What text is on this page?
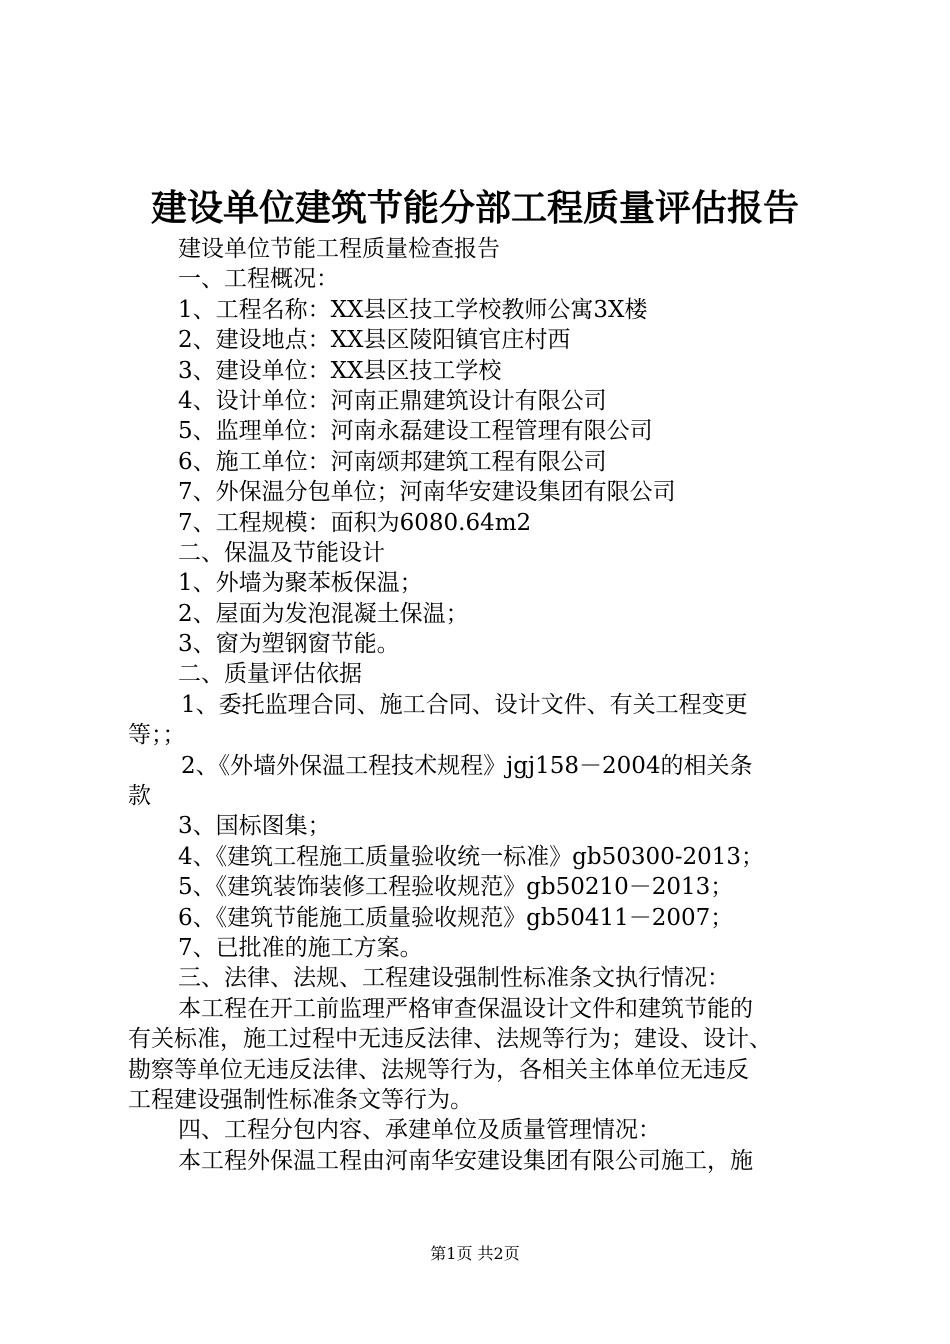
建设单位建筑节能分部工程质量评估报告
建设单位节能工程质量检查报告
一、工程概况：
1、工程名称：XX县区技工学校教师公寓3X楼
2、建设地点：XX县区陵阳镇官庄村西
3、建设单位：XX县区技工学校
4、设计单位：河南正鼎建筑设计有限公司
5、监理单位：河南永磊建设工程管理有限公司
6、施工单位：河南颂邦建筑工程有限公司
7、外保温分包单位；河南华安建设集团有限公司
7、工程规模：面积为6080.64m2
二、保温及节能设计
1、外墙为聚苯板保温；
2、屋面为发泡混凝土保温；
3、窗为塑钢窗节能。
二、质量评估依据
1、委托监理合同、施工合同、设计文件、有关工程变更
等；；
2、《外墙外保温工程技术规程》jgj158－2004的相关条
款
3、国标图集；
4、《建筑工程施工质量验收统一标准》gb50300-2013；
5、《建筑装饰装修工程验收规范》gb50210－2013；
6、《建筑节能施工质量验收规范》gb50411－2007；
7、已批准的施工方案。
三、法律、法规、工程建设强制性标准条文执行情况：
本工程在开工前监理严格审查保温设计文件和建筑节能的
有关标准，施工过程中无违反法律、法规等行为；建设、设计、
勘察等单位无违反法律、法规等行为，各相关主体单位无违反
工程建设强制性标准条文等行为。
四、工程分包内容、承建单位及质量管理情况：
本工程外保温工程由河南华安建设集团有限公司施工，施
第1页 共2页
